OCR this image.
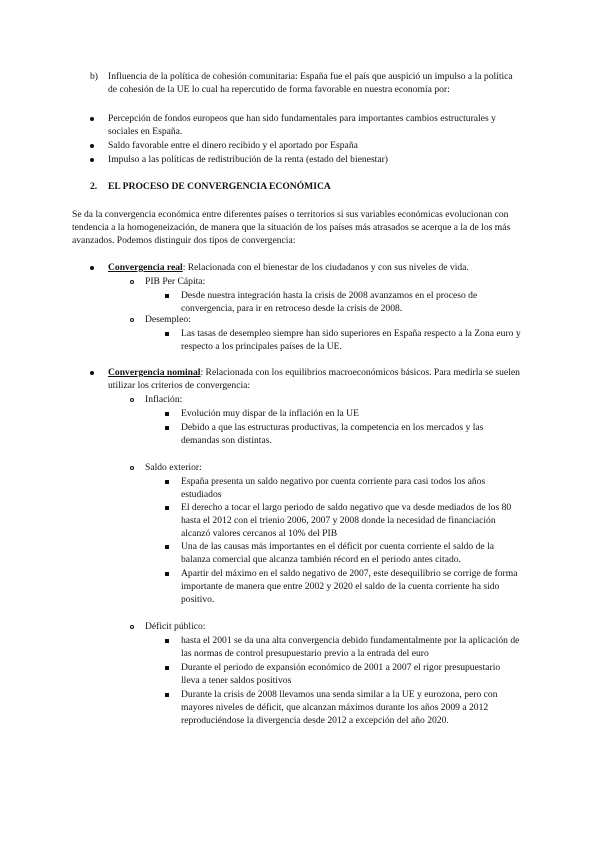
b) Influencia de la política de cohesión comunitaria: España fue el país que auspició un impulso a la política de cohesión de la UE lo cual ha repercutido de forma favorable en nuestra economía por:
Percepción de fondos europeos que han sido fundamentales para importantes cambios estructurales y sociales en España.
Saldo favorable entre el dinero recibido y el aportado por España
Impulso a las políticas de redistribución de la renta (estado del bienestar)
2. EL PROCESO DE CONVERGENCIA ECONÓMICA
Se da la convergencia económica entre diferentes países o territorios si sus variables económicas evolucionan con tendencia a la homogeneización, de manera que la situación de los países más atrasados se acerque a la de los más avanzados. Podemos distinguir dos tipos de convergencia:
Convergencia real: Relacionada con el bienestar de los ciudadanos y con sus niveles de vida.
PIB Per Cápita:
Desde nuestra integración hasta la crisis de 2008 avanzamos en el proceso de convergencia, para ir en retroceso desde la crisis de 2008.
Desempleo:
Las tasas de desempleo siempre han sido superiores en España respecto a la Zona euro y respecto a los principales países de la UE.
Convergencia nominal: Relacionada con los equilibrios macroeconómicos básicos. Para medirla se suelen utilizar los criterios de convergencia:
Inflación:
Evolución muy dispar de la inflación en la UE
Debido a que las estructuras productivas, la competencia en los mercados y las demandas son distintas.
Saldo exterior:
España presenta un saldo negativo por cuenta corriente para casi todos los años estudiados
El derecho a tocar el largo periodo de saldo negativo que va desde mediados de los 80 hasta el 2012 con el trienio 2006, 2007 y 2008 donde la necesidad de financiación alcanzó valores cercanos al 10% del PIB
Una de las causas más importantes en el déficit por cuenta corriente el saldo de la balanza comercial que alcanza también récord en el periodo antes citado.
Apartir del máximo en el saldo negativo de 2007, este desequilibrio se corrige de forma importante de manera que entre 2002 y 2020 el saldo de la cuenta corriente ha sido positivo.
Déficit público:
hasta el 2001 se da una alta convergencia debido fundamentalmente por la aplicación de las normas de control presupuestario previo a la entrada del euro
Durante el periodo de expansión económico de 2001 a 2007 el rigor presupuestario lleva a tener saldos positivos
Durante la crisis de 2008 llevamos una senda similar a la UE y eurozona, pero con mayores niveles de déficit, que alcanzan máximos durante los años 2009 a 2012 reproduciéndose la divergencia desde 2012 a excepción del año 2020.
